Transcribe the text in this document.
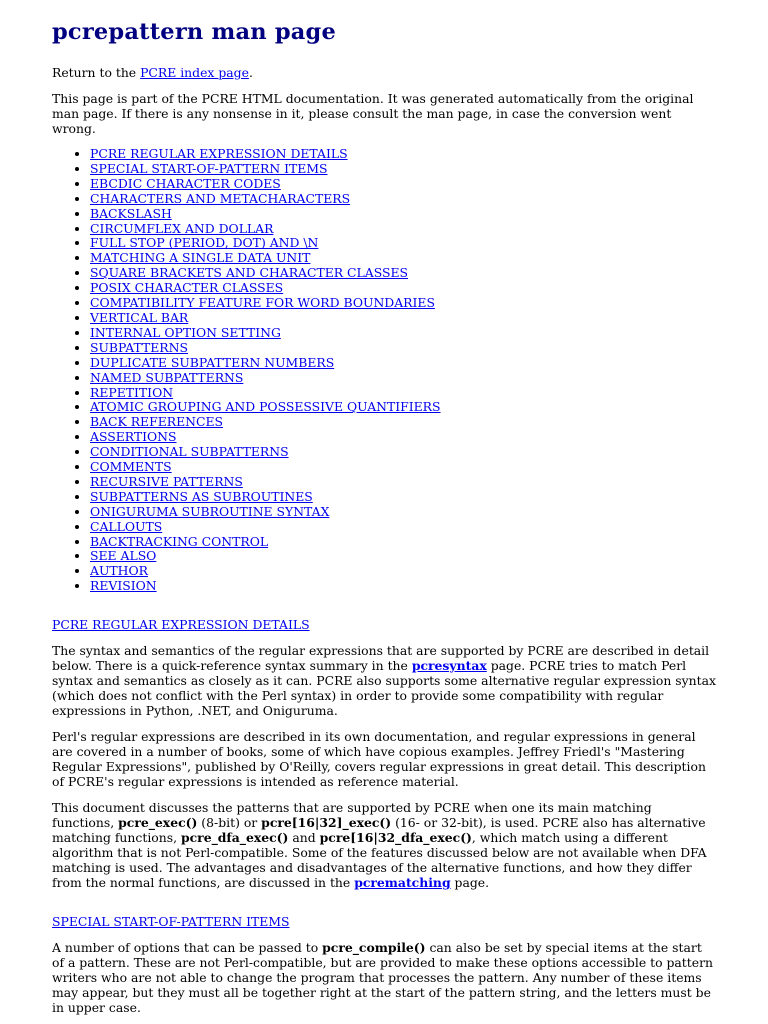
pcrepattern man page

Return to the PCRE index page.

This page is part of the PCRE HTML documentation. It was generated automatically from the original man page. If there is any nonsense in it, please consult the man page, in case the conversion went wrong.

• PCRE REGULAR EXPRESSION DETAILS
• SPECIAL START-OF-PATTERN ITEMS
• EBCDIC CHARACTER CODES
• CHARACTERS AND METACHARACTERS
• BACKSLASH
• CIRCUMFLEX AND DOLLAR
• FULL STOP (PERIOD, DOT) AND \N
• MATCHING A SINGLE DATA UNIT
• SQUARE BRACKETS AND CHARACTER CLASSES
• POSIX CHARACTER CLASSES
• COMPATIBILITY FEATURE FOR WORD BOUNDARIES
• VERTICAL BAR
• INTERNAL OPTION SETTING
• SUBPATTERNS
• DUPLICATE SUBPATTERN NUMBERS
• NAMED SUBPATTERNS
• REPETITION
• ATOMIC GROUPING AND POSSESSIVE QUANTIFIERS
• BACK REFERENCES
• ASSERTIONS
• CONDITIONAL SUBPATTERNS
• COMMENTS
• RECURSIVE PATTERNS
• SUBPATTERNS AS SUBROUTINES
• ONIGURUMA SUBROUTINE SYNTAX
• CALLOUTS
• BACKTRACKING CONTROL
• SEE ALSO
• AUTHOR
• REVISION
PCRE REGULAR EXPRESSION DETAILS

The syntax and semantics of the regular expressions that are supported by PCRE are described in detail below. There is a quick-reference syntax summary in the pcresyntax page. PCRE tries to match Perl syntax and semantics as closely as it can. PCRE also supports some alternative regular expression syntax (which does not conflict with the Perl syntax) in order to provide some compatibility with regular expressions in Python, .NET, and Oniguruma.

Perl's regular expressions are described in its own documentation, and regular expressions in general are covered in a number of books, some of which have copious examples. Jeffrey Friedl's "Mastering Regular Expressions", published by O'Reilly, covers regular expressions in great detail. This description of PCRE's regular expressions is intended as reference material.

This document discusses the patterns that are supported by PCRE when one its main matching functions, pcre_exec() (8-bit) or pcre[16|32]_exec() (16- or 32-bit), is used. PCRE also has alternative matching functions, pcre_dfa_exec() and pcre[16|32_dfa_exec(), which match using a different algorithm that is not Perl-compatible. Some of the features discussed below are not available when DFA matching is used. The advantages and disadvantages of the alternative functions, and how they differ from the normal functions, are discussed in the pcrematching page.

SPECIAL START-OF-PATTERN ITEMS

A number of options that can be passed to pcre_compile() can also be set by special items at the start of a pattern. These are not Perl-compatible, but are provided to make these options accessible to pattern writers who are not able to change the program that processes the pattern. Any number of these items may appear, but they must all be together right at the start of the pattern string, and the letters must be in upper case.
